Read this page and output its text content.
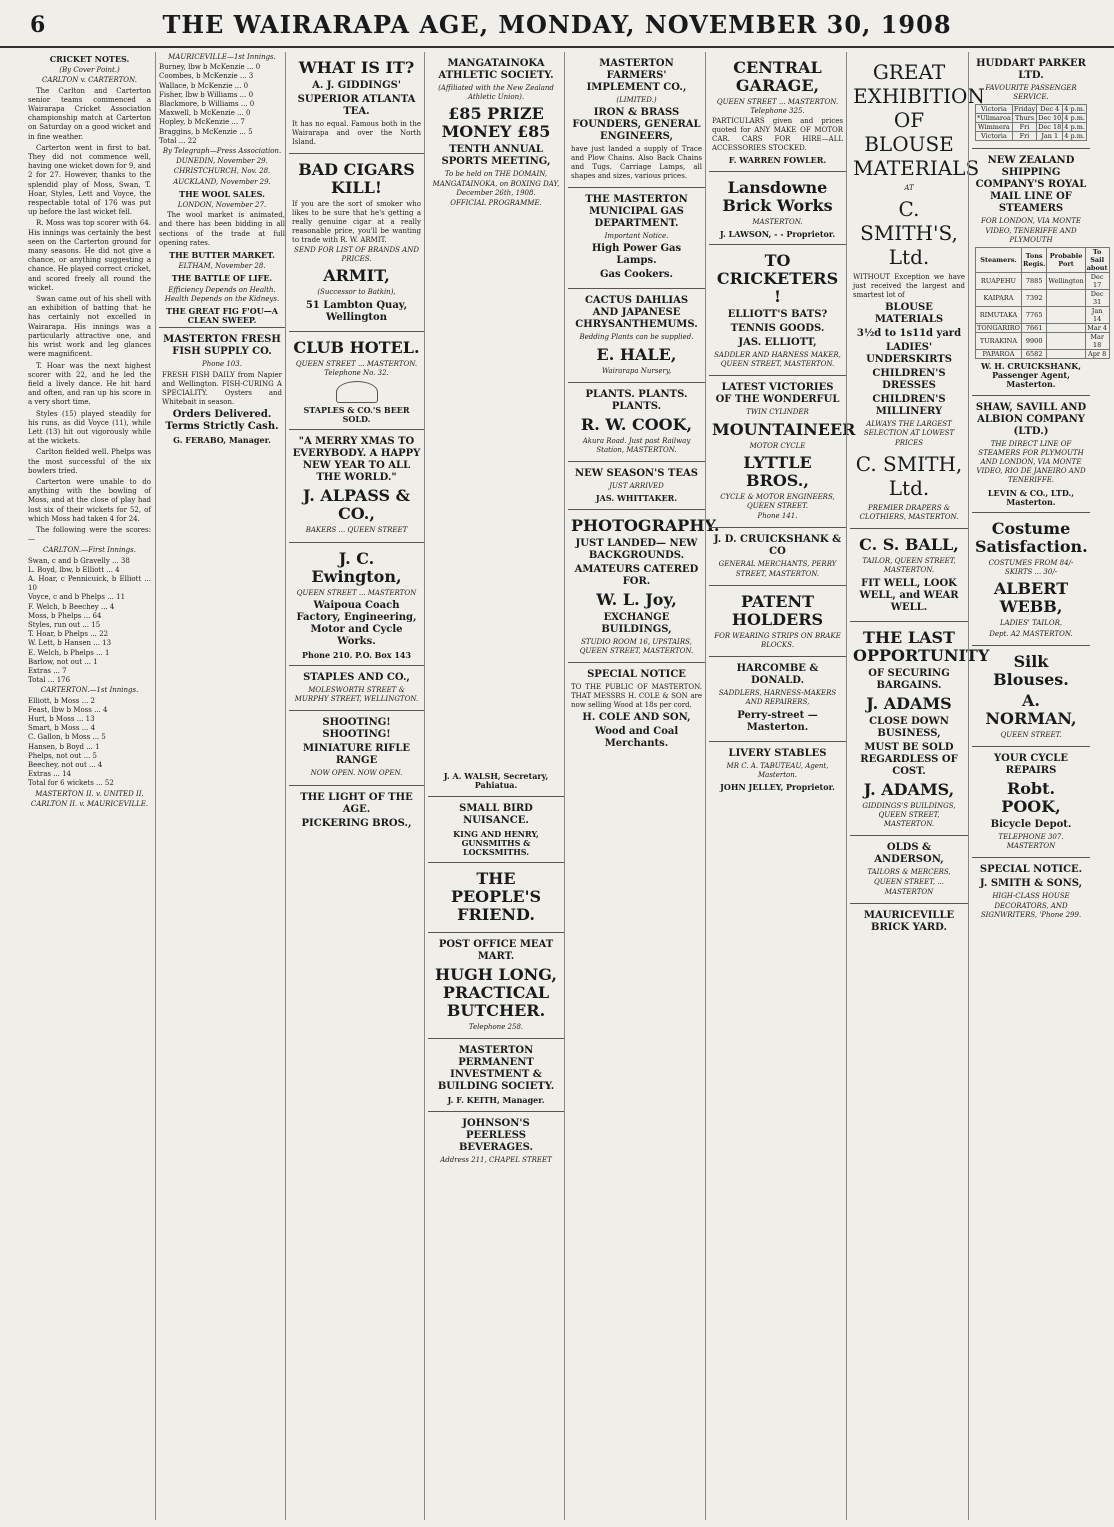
6	THE WAIRARAPA AGE, MONDAY, NOVEMBER 30, 1908
CRICKET NOTES.
(By Cover Point.)
CARLTON v. CARTERTON.
The Carlton and Carterton senior teams commenced a Wairarapa Cricket Association championship match at Carterton on Saturday on a good wicket and in fine weather.
Carterton went in first to bat. They did not commence well, having one wicket down for 9, and 2 for 27. However, thanks to the splendid play of Moss, Swan, T. Hoar, Styles, Lett and Voyce, the respectable total of 176 was put up before the last wicket fell.
R. Moss was top scorer with 64. His innings was certainly the best seen on the Carterton ground for many seasons. He did not give a chance, or anything suggesting a chance. He played correct cricket, and scored freely all round the wicket.
Swan came out of his shell with an exhibition of batting that he has certainly not excelled in Wairarapa. His innings was a particularly attractive one, and his wrist work and leg glances were magnificent.
T. Hoar was the next highest scorer with 22, and he led the field a lively dance. He hit hard and often, and ran up his score in a very short time.
Styles (15) played steadily for his runs, as did Voyce (11), while Lett (13) hit out vigorously while at the wickets.
Carlton fielded well. Phelps was the most successful of the six bowlers tried.
Carterton were unable to do anything with the bowling of Moss, and at the close of play had lost six of their wickets for 52, of which Moss had taken 4 for 24.
The following were the scores:—
CARLTON.—First Innings.
Swan, c and b Gravelly ... 38
L. Boyd, lbw, b Elliott ... 4
A. Hoar, c Pennicuick, b Elliott ... 10
Voyce, c and b Phelps ... 11
F. Welch, b Beechey ... 4
Moss, b Phelps ... 64
Styles, run out ... 15
T. Hoar, b Phelps ... 22
W. Lett, b Hansen ... 13
E. Welch, b Phelps ... 1
Barlow, not out ... 1
Extras ... 7
Total ... 176
CARTERTON.—1st Innings.
Elliott, b Moss ... 2
Feast, lbw b Moss ... 4
Hurt, b Moss ... 13
Smart, b Moss ... 4
C. Gallon, b Moss ... 5
Hansen, b Boyd ... 1
Phelps, not out ... 5
Beechey, not out ... 4
Extras ... 14
Total for 6 wickets ... 52
MASTERTON II. v. UNITED II.
CARLTON II. v. MAURICEVILLE.
MAURICEVILLE—1st Innings.
Burney, lbw b McKenzie ... 0
Coombes, b McKenzie ... 3
Wallace, b McKenzie ... 0
Fisher, lbw b Williams ... 0
Blackmore, b Williams ... 0
Maxwell, b McKenzie ... 0
Hopley, b McKenzie ... 7
Braggins, b McKenzie ... 5
Total ... 22
By Telegraph—Press Association.
DUNEDIN, November 29.
CHRISTCHURCH, Nov. 28.
AUCKLAND, November 29.
THE WOOL SALES.
LONDON, November 27.
The wool market is animated, and there has been bidding in all sections of the trade at full opening rates.
THE BUTTER MARKET.
ELTHAM, November 28.
THE BATTLE OF LIFE.
Efficiency Depends on Health. Health Depends on the Kidneys.
THE GREAT FIG F'OU—A CLEAN SWEEP.
MASTERTON FRESH FISH SUPPLY CO.
Phone 103.
FRESH FISH DAILY from Napier and Wellington. FISH-CURING A SPECIALITY. Oysters and Whitebait in season.
Orders Delivered. Terms Strictly Cash.
G. FERABO, Manager.
WHAT IS IT?
A. J. GIDDINGS'
SUPERIOR ATLANTA TEA.
It has no equal. Famous both in the Wairarapa and over the North Island.
BAD CIGARS KILL!
If you are the sort of smoker who likes to be sure that he's getting a really genuine cigar at a really reasonable price, you'll be wanting to trade with R. W. ARMIT.
SEND FOR LIST OF BRANDS AND PRICES.
ARMIT,
(Successor to Batkin),
51 Lambton Quay, Wellington
CLUB HOTEL.
QUEEN STREET ... MASTERTON. Telephone No. 32.
STAPLES & CO.'S BEER SOLD.
"A MERRY XMAS TO EVERYBODY. A HAPPY NEW YEAR TO ALL THE WORLD."
J. ALPASS & CO.,
BAKERS ... QUEEN STREET
J. C. Ewington,
QUEEN STREET ... MASTERTON
Waipoua Coach Factory, Engineering, Motor and Cycle Works.
Phone 210. P.O. Box 143
STAPLES AND CO.,
MOLESWORTH STREET & MURPHY STREET, WELLINGTON.
SHOOTING! SHOOTING!
MINIATURE RIFLE RANGE
NOW OPEN. NOW OPEN.
THE LIGHT OF THE AGE.
PICKERING BROS.,
MANGATAINOKA ATHLETIC SOCIETY.
(Affiliated with the New Zealand Athletic Union).
£85 PRIZE MONEY £85
TENTH ANNUAL SPORTS MEETING,
To be held on THE DOMAIN, MANGATAINOKA, on BOXING DAY, December 26th, 1908.
OFFICIAL PROGRAMME.
J. A. WALSH, Secretary, Pahiatua.
SMALL BIRD NUISANCE.
KING AND HENRY, GUNSMITHS & LOCKSMITHS.
THE PEOPLE'S FRIEND.
POST OFFICE MEAT MART.
HUGH LONG, PRACTICAL BUTCHER.
Telephone 258.
MASTERTON PERMANENT INVESTMENT & BUILDING SOCIETY.
J. F. KEITH, Manager.
JOHNSON'S PEERLESS BEVERAGES.
Address 211, CHAPEL STREET
MASTERTON FARMERS' IMPLEMENT CO.,
(LIMITED.)
IRON & BRASS FOUNDERS, GENERAL ENGINEERS,
have just landed a supply of Trace and Plow Chains. Also Back Chains and Tugs. Carriage Lamps, all shapes and sizes, various prices.
THE MASTERTON MUNICIPAL GAS DEPARTMENT.
Important Notice.
High Power Gas Lamps.
Gas Cookers.
CACTUS DAHLIAS AND JAPANESE CHRYSANTHEMUMS.
Bedding Plants can be supplied.
E. HALE,
Wairarapa Nursery,
PLANTS. PLANTS. PLANTS.
R. W. COOK,
Akura Road. Just past Railway Station, MASTERTON.
NEW SEASON'S TEAS
JUST ARRIVED
JAS. WHITTAKER.
PHOTOGRAPHY.
JUST LANDED— NEW BACKGROUNDS.
AMATEURS CATERED FOR.
W. L. Joy,
EXCHANGE BUILDINGS,
STUDIO ROOM 16, UPSTAIRS, QUEEN STREET, MASTERTON.
SPECIAL NOTICE
TO THE PUBLIC OF MASTERTON. THAT MESSRS H. COLE & SON are now selling Wood at 18s per cord.
H. COLE AND SON,
Wood and Coal Merchants.
CENTRAL GARAGE,
QUEEN STREET ... MASTERTON. Telephone 325.
PARTICULARS given and prices quoted for ANY MAKE OF MOTOR CAR. CARS FOR HIRE—ALL ACCESSORIES STOCKED.
F. WARREN FOWLER.
Lansdowne Brick Works
MASTERTON.
J. LAWSON, - - Proprietor.
TO CRICKETERS !
ELLIOTT'S BATS?
TENNIS GOODS.
JAS. ELLIOTT,
SADDLER AND HARNESS MAKER, QUEEN STREET, MASTERTON.
LATEST VICTORIES OF THE WONDERFUL
TWIN CYLINDER
MOUNTAINEER
MOTOR CYCLE
LYTTLE BROS.,
CYCLE & MOTOR ENGINEERS, QUEEN STREET.
Phone 141.
J. D. CRUICKSHANK & CO
GENERAL MERCHANTS, PERRY STREET, MASTERTON.
PATENT HOLDERS
FOR WEARING STRIPS ON BRAKE BLOCKS.
HARCOMBE & DONALD.
SADDLERS, HARNESS-MAKERS AND REPAIRERS,
Perry-street — Masterton.
LIVERY STABLES
MR C. A. TABUTEAU, Agent, Masterton.
JOHN JELLEY, Proprietor.
GREAT EXHIBITION OF BLOUSE MATERIALS
AT
C. SMITH'S, Ltd.
WITHOUT Exception we have just received the largest and smartest lot of
BLOUSE MATERIALS
3½d to 1s11d yard
LADIES' UNDERSKIRTS
CHILDREN'S DRESSES
CHILDREN'S MILLINERY
ALWAYS THE LARGEST SELECTION AT LOWEST PRICES
C. SMITH, Ltd.
PREMIER DRAPERS & CLOTHIERS, MASTERTON.
C. S. BALL,
TAILOR, QUEEN STREET, MASTERTON.
FIT WELL, LOOK WELL, and WEAR WELL.
THE LAST OPPORTUNITY
OF SECURING BARGAINS.
J. ADAMS
CLOSE DOWN BUSINESS,
MUST BE SOLD REGARDLESS OF COST.
J. ADAMS,
GIDDINGS'S BUILDINGS, QUEEN STREET, MASTERTON.
OLDS & ANDERSON,
TAILORS & MERCERS,
QUEEN STREET, ... MASTERTON
MAURICEVILLE BRICK YARD.
HUDDART PARKER LTD.
FAVOURITE PASSENGER SERVICE.
Victoria	Friday	Dec 4	4 p.m.
*Ulimaroa	Thurs	Dec 10	4 p.m.
Wimmera	Fri	Dec 18	4 p.m.
Victoria	Fri	Jan 1	4 p.m.
NEW ZEALAND SHIPPING COMPANY'S ROYAL MAIL LINE OF STEAMERS
FOR LONDON, VIA MONTE VIDEO, TENERIFFE AND PLYMOUTH
Steamers.	Tons Regis.	Probable Port	To Sail about
RUAPEHU	7885	Wellington	Dec 17
KAIPARA	7392		Dec 31
RIMUTAKA	7765		Jan 14
TONGARIRO	7661		Mar 4
TURAKINA	9900		Mar 18
PAPAROA	6582		Apr 8
W. H. CRUICKSHANK, Passenger Agent, Masterton.
SHAW, SAVILL AND ALBION COMPANY (LTD.)
THE DIRECT LINE OF STEAMERS FOR PLYMOUTH AND LONDON, VIA MONTE VIDEO, RIO DE JANEIRO AND TENERIFFE.
LEVIN & CO., LTD., Masterton.
Costume Satisfaction.
COSTUMES FROM 84/- SKIRTS ... 30/-
ALBERT WEBB,
LADIES' TAILOR.
Dept. A2 MASTERTON.
Silk Blouses.
A. NORMAN,
QUEEN STREET.
YOUR CYCLE REPAIRS
Robt. POOK,
Bicycle Depot.
TELEPHONE 307. MASTERTON
SPECIAL NOTICE.
J. SMITH & SONS,
HIGH-CLASS HOUSE DECORATORS, AND SIGNWRITERS, 'Phone 299.
